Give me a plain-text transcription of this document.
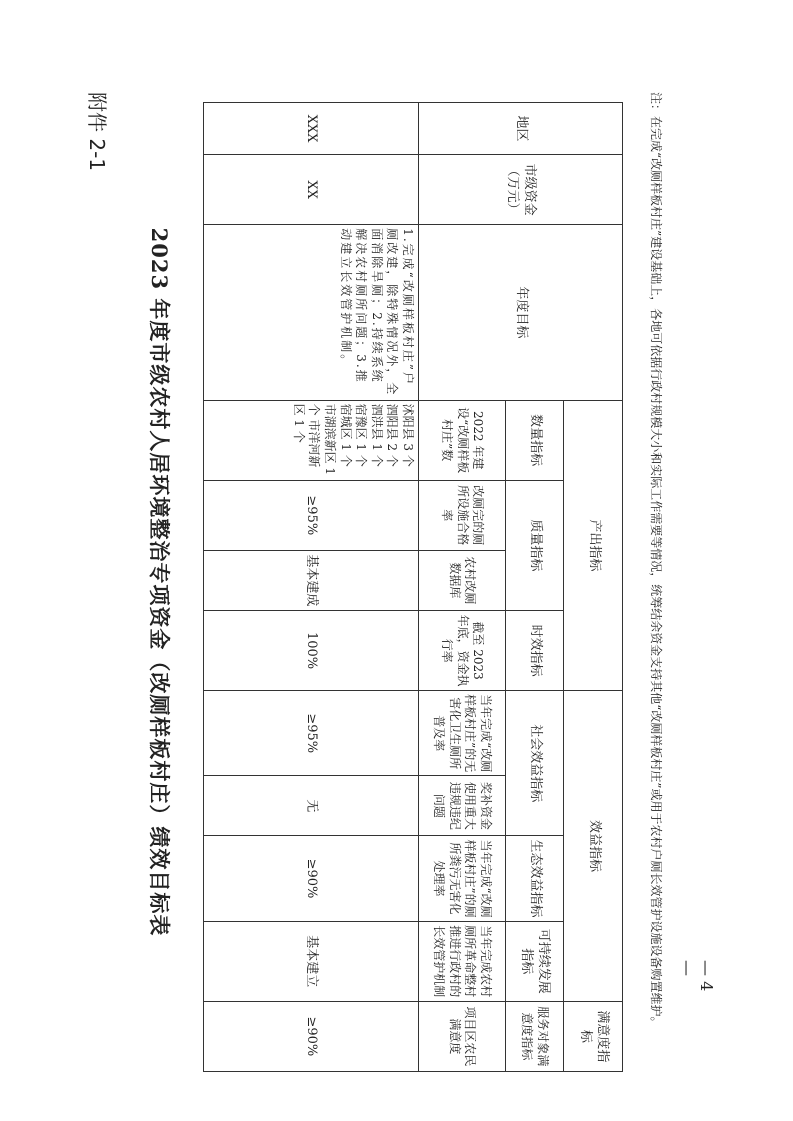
— 4 —
附件 2-1
2023 年度市级农村人居环境整治专项资金（改厕样板村庄）绩效目标表
地区	市级资金（万元）	年度目标	产出指标				效益指标				满意度指标
			数量指标	质量指标		时效指标	社会效益指标		生态效益指标	可持续发展指标	服务对象满意度指标
			2022 年建设“改厕样板村庄”数	改厕完的厕所设施合格率	农村改厕数据库	截至 2023 年底，资金执行率	当年完成“改厕样板村庄”的无害化卫生厕所普及率	奖补资金使用重大违规违纪问题	当年完成“改厕样板村庄”的厕所粪污无害化处理率	当年完成农村厕所革命整村推进行政村的长效管护机制	项目区农民满意度
XXX	XX	1.完成“改厕样板村庄”户厕改建，除特殊情况外，全面消除旱厕；2.持续系统解决农村厕所问题；3.推动建立长效管护机制。	沭阳县 3 个 泗阳县 2 个 泗洪县 1 个 宿豫区 1 个 宿城区 1 个 市湖滨新区 1 个 市洋河新区 1 个	≥95%	基本建成	100%	≥95%	无	≥90%	基本建立	≥90%
注：在完成“改厕样板村庄”建设基础上，各地可依据行政村规模大小和实际工作需要等情况，统筹结余资金支持其他“改厕样板村庄”或用于农村户厕长效管护设施设备购置维护。
